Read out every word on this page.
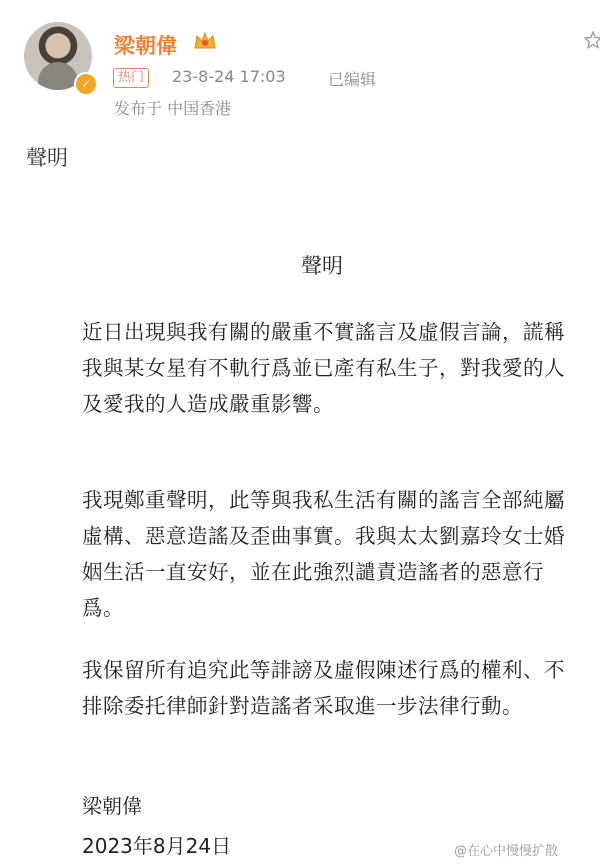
✓
梁朝偉
热门	23-8-24 17:03	已编辑
发布于 中国香港
聲明
聲明

近日出現與我有關的嚴重不實謠言及虛假言論，謊稱我與某女星有不軌行爲並已產有私生子，對我愛的人及愛我的人造成嚴重影響。

我現鄭重聲明，此等與我私生活有關的謠言全部純屬虛構、惡意造謠及歪曲事實。我與太太劉嘉玲女士婚姻生活一直安好，並在此強烈譴責造謠者的惡意行爲。

我保留所有追究此等誹謗及虛假陳述行爲的權利、不排除委托律師針對造謠者采取進一步法律行動。

梁朝偉
2023年8月24日	@在心中慢慢扩散
